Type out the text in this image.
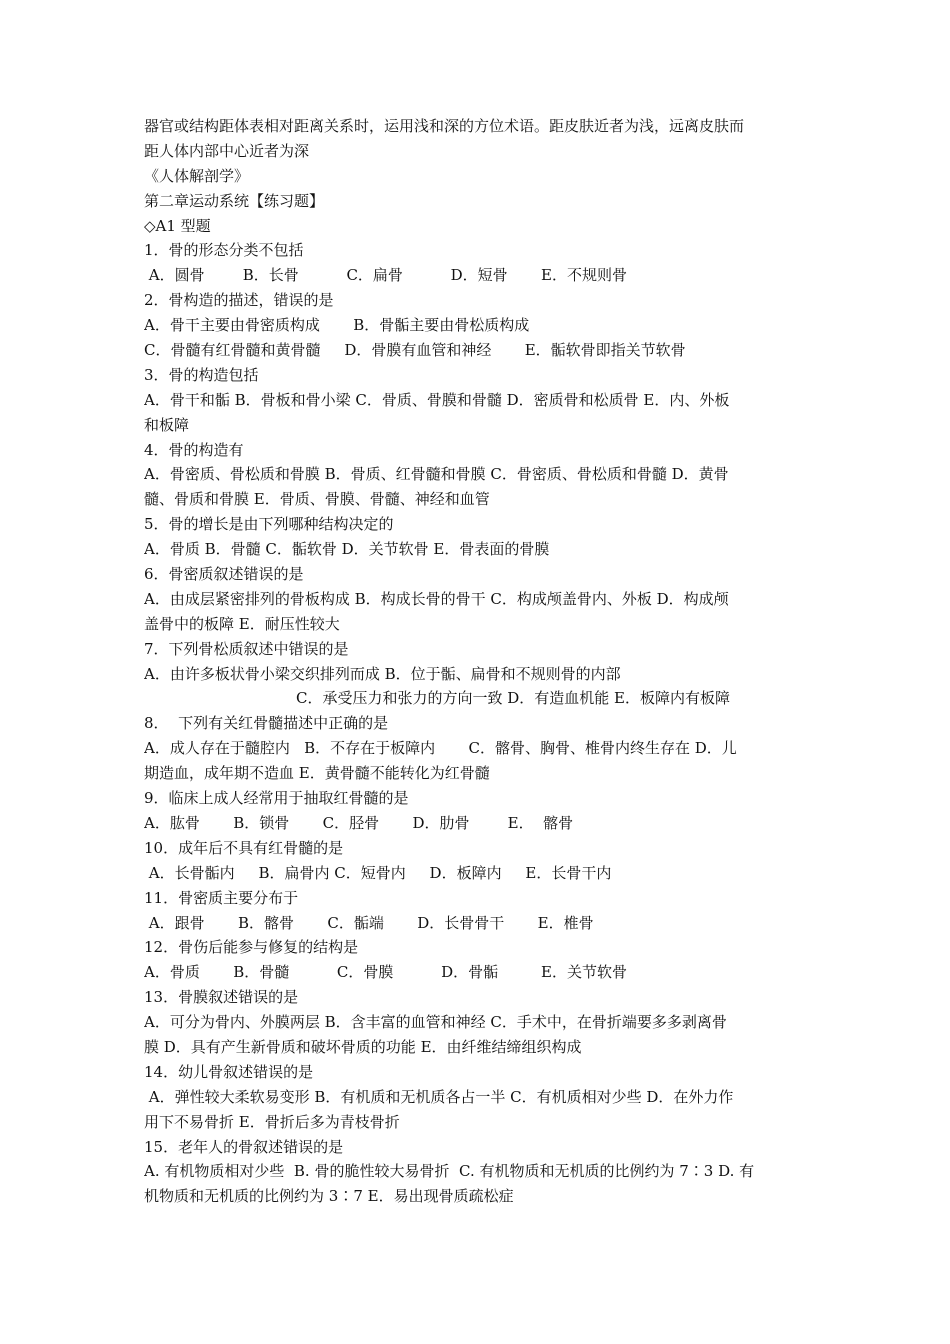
器官或结构距体表相对距离关系时，运用浅和深的方位术语。距皮肤近者为浅，远离皮肤而
距人体内部中心近者为深
《人体解剖学》
第二章运动系统【练习题】
◇A1 型题
1．骨的形态分类不包括
A．圆骨        B．长骨          C．扁骨          D．短骨       E．不规则骨
2．骨构造的描述，错误的是
A．骨干主要由骨密质构成       B．骨骺主要由骨松质构成
C．骨髓有红骨髓和黄骨髓     D．骨膜有血管和神经       E．骺软骨即指关节软骨
3．骨的构造包括
A．骨干和骺 B．骨板和骨小梁 C．骨质、骨膜和骨髓 D．密质骨和松质骨 E．内、外板
和板障
4．骨的构造有
A．骨密质、骨松质和骨膜 B．骨质、红骨髓和骨膜 C．骨密质、骨松质和骨髓 D．黄骨
髓、骨质和骨膜 E．骨质、骨膜、骨髓、神经和血管
5．骨的增长是由下列哪种结构决定的
A．骨质 B．骨髓 C．骺软骨 D．关节软骨 E．骨表面的骨膜
6．骨密质叙述错误的是
A．由成层紧密排列的骨板构成 B．构成长骨的骨干 C．构成颅盖骨内、外板 D．构成颅
盖骨中的板障 E．耐压性较大
7．下列骨松质叙述中错误的是
A．由许多板状骨小梁交织排列而成 B．位于骺、扁骨和不规则骨的内部
C．承受压力和张力的方向一致 D．有造血机能 E．板障内有板障
8．  下列有关红骨髓描述中正确的是
A．成人存在于髓腔内   B．不存在于板障内       C．髂骨、胸骨、椎骨内终生存在 D．儿
期造血，成年期不造血 E．黄骨髓不能转化为红骨髓
9．临床上成人经常用于抽取红骨髓的是
A．肱骨       B．锁骨       C．胫骨       D．肋骨        E．  髂骨
10．成年后不具有红骨髓的是
A．长骨骺内     B．扁骨内 C．短骨内     D．板障内     E．长骨干内
11．骨密质主要分布于
A．跟骨       B．髂骨       C．骺端       D．长骨骨干       E．椎骨
12．骨伤后能参与修复的结构是
A．骨质       B．骨髓          C．骨膜          D．骨骺         E．关节软骨
13．骨膜叙述错误的是
A．可分为骨内、外膜两层 B．含丰富的血管和神经 C．手术中，在骨折端要多多剥离骨
膜 D．具有产生新骨质和破坏骨质的功能 E．由纤维结缔组织构成
14．幼儿骨叙述错误的是
A．弹性较大柔软易变形 B．有机质和无机质各占一半 C．有机质相对少些 D．在外力作
用下不易骨折 E．骨折后多为青枝骨折
15．老年人的骨叙述错误的是
A. 有机物质相对少些  B. 骨的脆性较大易骨折  C. 有机物质和无机质的比例约为 7∶3 D. 有
机物质和无机质的比例约为 3∶7 E．易出现骨质疏松症
